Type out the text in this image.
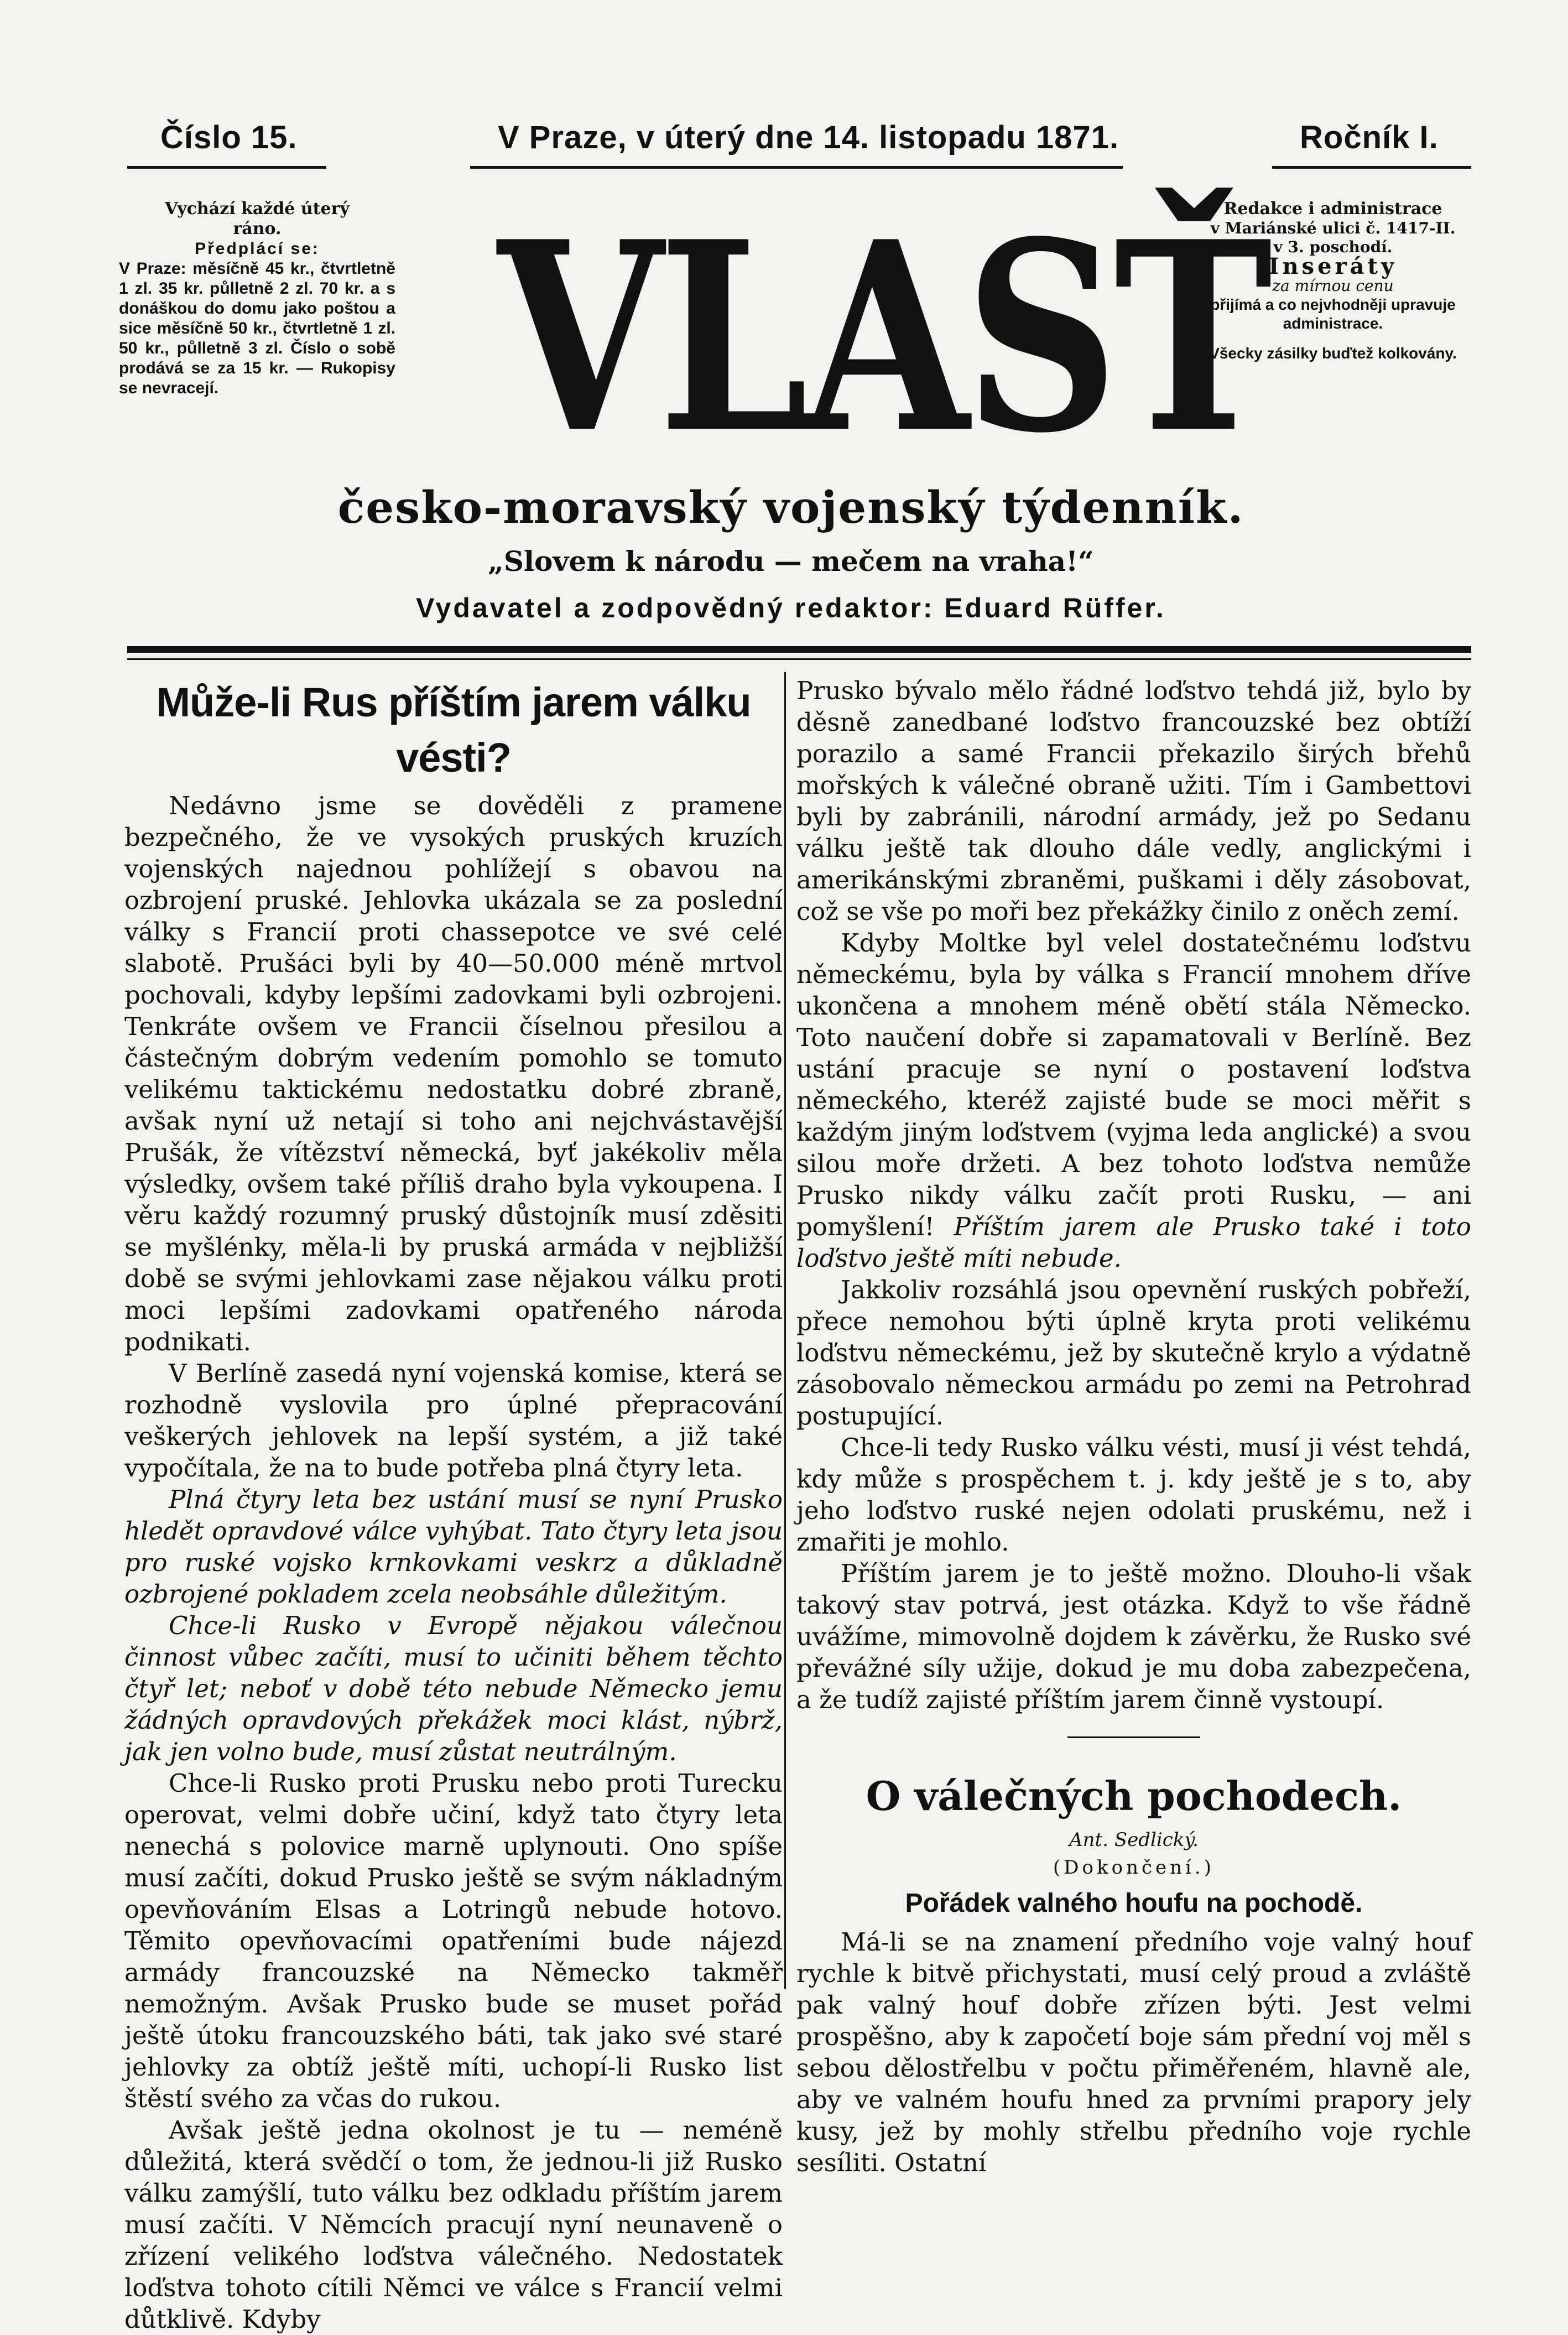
Číslo 15.	V Praze, v úterý dne 14. listopadu 1871.	Ročník I.

Vychází každé úterý

ráno.

Předplácí se:

V Praze: měsíčně 45 kr., čtvrtletně 1 zl. 35 kr. půlletně 2 zl. 70 kr. a s donáškou do domu jako poštou a sice měsíčně 50 kr., čtvrtletně 1 zl. 50 kr., půlletně 3 zl. Číslo o sobě prodává se za 15 kr. — Rukopisy se nevracejí.	VLASŤ

Redakce i administrace

v Mariánské ulici č. 1417-II.

v 3. poschodí.

Inseráty

za mírnou cenu

přijímá a co nejvhodněji upravuje administrace.

Všecky zásilky buďtež kolkovány.

česko-moravský vojenský týdenník.
„Slovem k národu — mečem na vraha!“
Vydavatel a zodpovědný redaktor: Eduard Rüffer.
Může-li Rus příštím jarem válku vésti?

Nedávno jsme se dověděli z pramene bezpečného, že ve vysokých pruských kruzích vojenských najednou pohlížejí s obavou na ozbrojení pruské. Jehlovka ukázala se za poslední války s Francií proti chassepotce ve své celé slabotě. Prušáci byli by 40—50.000 méně mrtvol pochovali, kdyby lepšími zadovkami byli ozbrojeni. Tenkráte ovšem ve Francii číselnou přesilou a částečným dobrým vedením pomohlo se tomuto velikému taktickému nedostatku dobré zbraně, avšak nyní už netají si toho ani nejchvástavější Prušák, že vítězství německá, byť jakékoliv měla výsledky, ovšem také příliš draho byla vykoupena. I věru každý rozumný pruský důstojník musí zděsiti se myšlénky, měla-li by pruská armáda v nejbližší době se svými jehlovkami zase nějakou válku proti moci lepšími zadovkami opatřeného národa podnikati.

V Berlíně zasedá nyní vojenská komise, která se rozhodně vyslovila pro úplné přepracování veškerých jehlovek na lepší systém, a již také vypočítala, že na to bude potřeba plná čtyry leta.

Plná čtyry leta bez ustání musí se nyní Prusko hledět opravdové válce vyhýbat. Tato čtyry leta jsou pro ruské vojsko krnkovkami veskrz a důkladně ozbrojené pokladem zcela neobsáhle důležitým.

Chce-li Rusko v Evropě nějakou válečnou činnost vůbec začíti, musí to učiniti během těchto čtyř let; neboť v době této nebude Německo jemu žádných opravdových překážek moci klást, nýbrž, jak jen volno bude, musí zůstat neutrálným.

Chce-li Rusko proti Prusku nebo proti Turecku operovat, velmi dobře učiní, když tato čtyry leta nenechá s polovice marně uplynouti. Ono spíše musí začíti, dokud Prusko ještě se svým nákladným opevňováním Elsas a Lotringů nebude hotovo. Těmito opevňovacími opatřeními bude nájezd armády francouzské na Německo takměř nemožným. Avšak Prusko bude se muset pořád ještě útoku francouzského báti, tak jako své staré jehlovky za obtíž ještě míti, uchopí-li Rusko list štěstí svého za včas do rukou.

Avšak ještě jedna okolnost je tu — neméně důležitá, která svědčí o tom, že jednou-li již Rusko válku zamýšlí, tuto válku bez odkladu příštím jarem musí začíti. V Němcích pracují nyní neunaveně o zřízení velikého loďstva válečného. Nedostatek loďstva tohoto cítili Němci ve válce s Francií velmi důtklivě. Kdyby

Prusko bývalo mělo řádné loďstvo tehdá již, bylo by děsně zanedbané loďstvo francouzské bez obtíží porazilo a samé Francii překazilo širých břehů mořských k válečné obraně užiti. Tím i Gambettovi byli by zabránili, národní armády, jež po Sedanu válku ještě tak dlouho dále vedly, anglickými i amerikánskými zbraněmi, puškami i děly zásobovat, což se vše po moři bez překážky činilo z oněch zemí.

Kdyby Moltke byl velel dostatečnému loďstvu německému, byla by válka s Francií mnohem dříve ukončena a mnohem méně obětí stála Německo. Toto naučení dobře si zapamatovali v Berlíně. Bez ustání pracuje se nyní o postavení loďstva německého, kteréž zajisté bude se moci měřit s každým jiným loďstvem (vyjma leda anglické) a svou silou moře držeti. A bez tohoto loďstva nemůže Prusko nikdy válku začít proti Rusku, — ani pomyšlení! Příštím jarem ale Prusko také i toto loďstvo ještě míti nebude.

Jakkoliv rozsáhlá jsou opevnění ruských pobřeží, přece nemohou býti úplně kryta proti velikému loďstvu německému, jež by skutečně krylo a výdatně zásobovalo německou armádu po zemi na Petrohrad postupující.

Chce-li tedy Rusko válku vésti, musí ji vést tehdá, kdy může s prospěchem t. j. kdy ještě je s to, aby jeho loďstvo ruské nejen odolati pruskému, než i zmařiti je mohlo.

Příštím jarem je to ještě možno. Dlouho-li však takový stav potrvá, jest otázka. Když to vše řádně uvážíme, mimovolně dojdem k závěrku, že Rusko své převážné síly užije, dokud je mu doba zabezpečena, a že tudíž zajisté příštím jarem činně vystoupí.

O válečných pochodech.
Ant. Sedlický.
(Dokončení.)
Pořádek valného houfu na pochodě.

Má-li se na znamení předního voje valný houf rychle k bitvě přichystati, musí celý proud a zvláště pak valný houf dobře zřízen býti. Jest velmi prospěšno, aby k započetí boje sám přední voj měl s sebou dělostřelbu v počtu přiměřeném, hlavně ale, aby ve valném houfu hned za prvními prapory jely kusy, jež by mohly střelbu předního voje rychle sesíliti. Ostatní
